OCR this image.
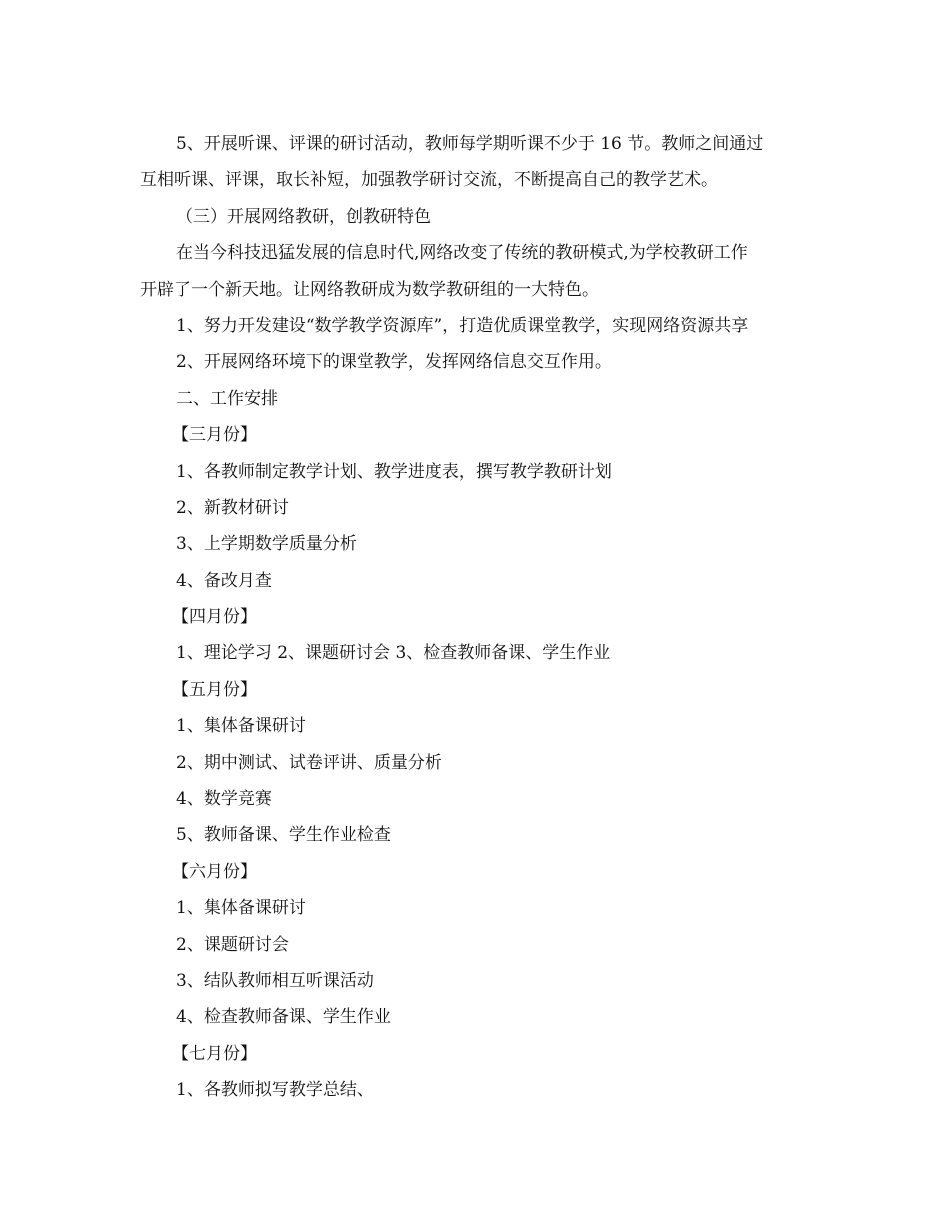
5、开展听课、评课的研讨活动，教师每学期听课不少于 16 节。教师之间通过
互相听课、评课，取长补短，加强教学研讨交流，不断提高自己的教学艺术。
（三）开展网络教研，创教研特色
在当今科技迅猛发展的信息时代,网络改变了传统的教研模式,为学校教研工作
开辟了一个新天地。让网络教研成为数学教研组的一大特色。
1、努力开发建设“数学教学资源库”，打造优质课堂教学，实现网络资源共享
2、开展网络环境下的课堂教学，发挥网络信息交互作用。
二、工作安排
【三月份】
1、各教师制定教学计划、教学进度表，撰写教学教研计划
2、新教材研讨
3、上学期数学质量分析
4、备改月查
【四月份】
1、理论学习 2、课题研讨会 3、检查教师备课、学生作业
【五月份】
1、集体备课研讨
2、期中测试、试卷评讲、质量分析
4、数学竞赛
5、教师备课、学生作业检查
【六月份】
1、集体备课研讨
2、课题研讨会
3、结队教师相互听课活动
4、检查教师备课、学生作业
【七月份】
1、各教师拟写教学总结、
